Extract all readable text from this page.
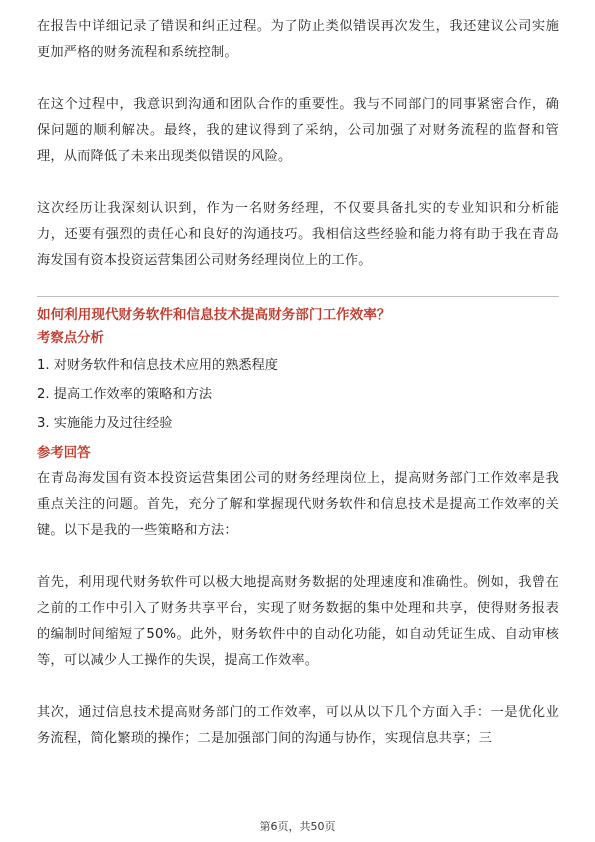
在报告中详细记录了错误和纠正过程。为了防止类似错误再次发生，我还建议公司实施更加严格的财务流程和系统控制。

在这个过程中，我意识到沟通和团队合作的重要性。我与不同部门的同事紧密合作，确保问题的顺利解决。最终，我的建议得到了采纳，公司加强了对财务流程的监督和管理，从而降低了未来出现类似错误的风险。

这次经历让我深刻认识到，作为一名财务经理，不仅要具备扎实的专业知识和分析能力，还要有强烈的责任心和良好的沟通技巧。我相信这些经验和能力将有助于我在青岛海发国有资本投资运营集团公司财务经理岗位上的工作。

如何利用现代财务软件和信息技术提高财务部门工作效率？

考察点分析

1. 对财务软件和信息技术应用的熟悉程度

2. 提高工作效率的策略和方法

3. 实施能力及过往经验

参考回答

在青岛海发国有资本投资运营集团公司的财务经理岗位上，提高财务部门工作效率是我重点关注的问题。首先，充分了解和掌握现代财务软件和信息技术是提高工作效率的关键。以下是我的一些策略和方法：

首先，利用现代财务软件可以极大地提高财务数据的处理速度和准确性。例如，我曾在之前的工作中引入了财务共享平台，实现了财务数据的集中处理和共享，使得财务报表的编制时间缩短了50%。此外，财务软件中的自动化功能，如自动凭证生成、自动审核等，可以减少人工操作的失误，提高工作效率。

其次，通过信息技术提高财务部门的工作效率，可以从以下几个方面入手：一是优化业务流程，简化繁琐的操作；二是加强部门间的沟通与协作，实现信息共享；三

第6页，共50页
